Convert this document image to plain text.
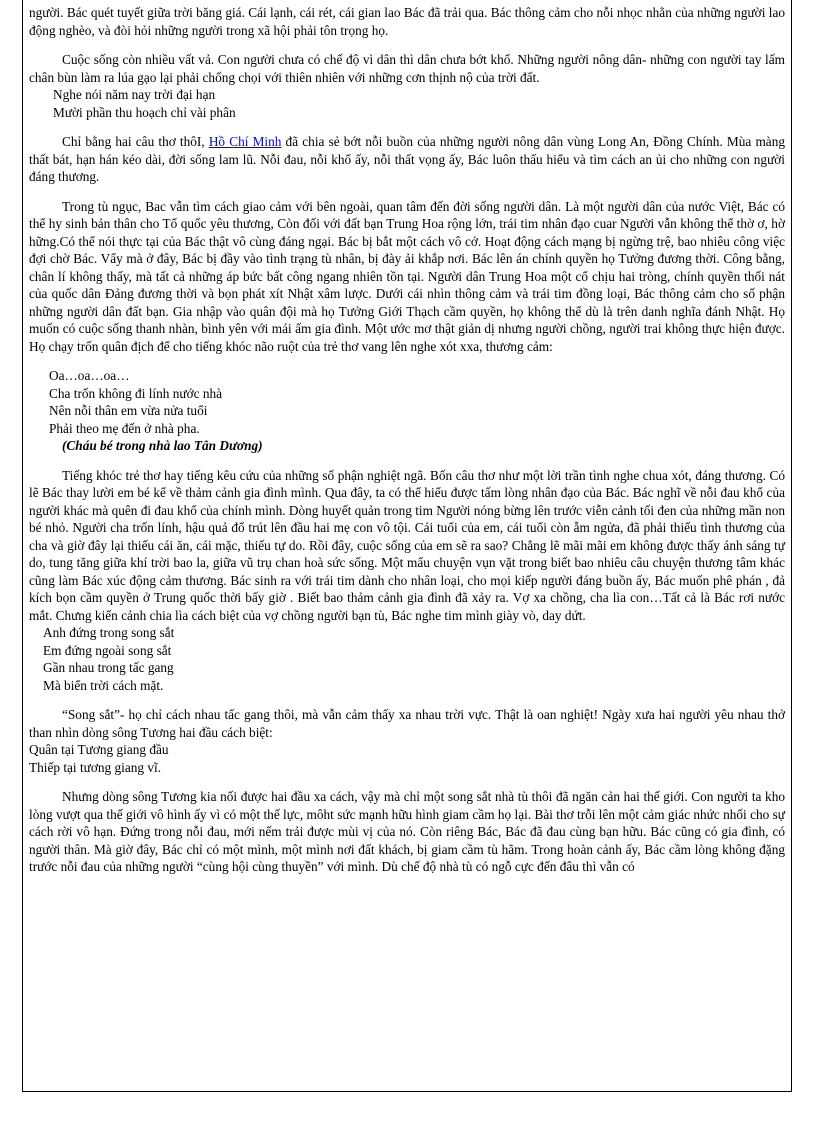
người. Bác quét tuyết giữa trời băng giá. Cái lạnh, cái rét, cái gian lao Bác đã trải qua. Bác thông cảm cho nỗi nhọc nhằn của những người lao động nghèo, và đòi hỏi những người trong xã hội phải tôn trọng họ.

Cuộc sống còn nhiều vất vả. Con người chưa có chế độ vì dân thì dân chưa bớt khổ. Những người nông dân- những con người tay lấm chân bùn làm ra lúa gạo lại phải chống chọi với thiên nhiên với những cơn thịnh nộ của trời đất.

Nghe nói năm nay trời đại hạn

Mười phần thu hoạch chỉ vài phân

Chỉ bằng hai câu thơ thôI, Hồ Chí Minh đã chia sẻ bớt nỗi buồn của những người nông dân vùng Long An, Đồng Chính. Mùa màng thất bát, hạn hán kéo dài, đời sống lam lũ. Nỗi đau, nỗi khổ ấy, nỗi thất vọng ấy, Bác luôn thấu hiểu và tìm cách an ủi cho những con người đáng thương.

Trong tù ngục, Bac vẫn tìm cách giao cảm với bên ngoài, quan tâm đến đời sống người dân. Là một người dân của nước Việt, Bác có thể hy sinh bản thân cho Tổ quốc yêu thương, Còn đối với đất bạn Trung Hoa rộng lớn, trái tim nhân đạo cuar Người vẫn không thể thờ ơ, hờ hững.Có thể nói thực tại của Bác thật vô cùng đáng ngại. Bác bị bắt một cách vô cớ. Hoạt động cách mạng bị ngừng trệ, bao nhiêu công việc đợi chờ Bác. Vẩy mà ở đây, Bác bị đầy vào tình trạng tù nhân, bị đày ải khắp nơi. Bác lên án chính quyền họ Tưởng đương thời. Công bằng, chân lí không thấy, mà tất cả những áp bức bất công ngang nhiên tồn tại. Người dân Trung Hoa một cổ chịu hai tròng, chính quyền thối nát của quốc dân Đảng đương thời và bọn phát xít Nhật xâm lược. Dưới cái nhìn thông cảm và trái tim đồng loại, Bác thông cảm cho số phận những người dân đất bạn. Gia nhập vào quân đội mà họ Tưởng Giới Thạch cầm quyền, họ không thể dù là trên danh nghĩa đánh Nhật. Họ muốn có cuộc sống thanh nhàn, bình yên với mái ấm gia đình. Một ước mơ thật giản dị nhưng người chồng, người trai không thực hiện được. Họ chạy trốn quân địch để cho tiếng khóc não ruột của trẻ thơ vang lên nghe xót xxa, thương cảm:

Oa…oa…oa…

Cha trốn không đi lính nước nhà

Nên nỗi thân em vừa nửa tuổi

Phải theo mẹ đến ở nhà pha.

(Cháu bé trong nhà lao Tân Dương)

Tiếng khóc trẻ thơ hay tiếng kêu cứu của những số phận nghiệt ngã. Bốn câu thơ như một lời trần tình nghe chua xót, đáng thương. Có lẽ Bác thay lười em bé kể về thảm cảnh gia đình mình. Qua đây, ta có thể hiểu được tấm lòng nhân đạo của Bác. Bác nghĩ về nỗi đau khổ của người khác mà quên đi đau khổ của chính mình. Dòng huyết quản trong tim Người nóng bừng lên trước viễn cảnh tối đen của những mần non bé nhỏ. Người cha trốn lính, hậu quả đổ trút lên đầu hai mẹ con vô tội. Cái tuổi của em, cái tuổi còn ẵm ngửa, đã phải thiếu tình thương của cha và giờ đây lại thiếu cái ăn, cái mặc, thiếu tự do. Rồi đây, cuộc sống của em sẽ ra sao? Chẳng lẽ mãi mãi em không được thấy ánh sáng tự do, tung tăng giữa khí trời bao la, giữa vũ trụ chan hoà sức sống. Một mẩu chuyện vụn vặt trong biết bao nhiêu câu chuyện thương tâm khác cũng làm Bác xúc động cảm thương. Bác sinh ra với trái tim dành cho nhân loại, cho mọi kiếp người đáng buồn ấy, Bác muốn phê phán , đả kích bọn cầm quyền ở Trung quốc thời bấy giờ . Biết bao thảm cảnh gia đình đã xảy ra. Vợ xa chồng, cha lìa con…Tất cả là Bác rơi nước mắt. Chưng kiến cảnh chia lìa cách biệt của vợ chồng người bạn tù, Bác nghe tim mình giày vò, day dứt.

Anh đứng trong song sắt

Em đứng ngoài song sắt

Gần nhau trong tấc gang

Mà biển trời cách mặt.

“Song sắt”- họ chỉ cách nhau tấc gang thôi, mà vẫn cảm thấy xa nhau trời vực. Thật là oan nghiệt! Ngày xưa hai người yêu nhau thở than nhìn dòng sông Tương hai đầu cách biệt:

Quân tại Tương giang đầu

Thiếp tại tương giang vĩ.

Nhưng dòng sông Tương kia nối được hai đầu xa cách, vậy mà chỉ một song sắt nhà tù thôi đã ngăn cản hai thế giới. Con người ta kho lòng vượt qua thế giới vô hình ấy vì có một thế lực, môht sức mạnh hữu hình giam cầm họ lại. Bài thơ trỗi lên một cảm giác nhức nhối cho sự cách rời vô hạn. Đứng trong nỗi đau, mới nếm trải được mùi vị của nó. Còn riêng Bác, Bác đã đau cùng bạn hữu. Bác cũng có gia đình, có người thân. Mà giờ đây, Bác chỉ có một mình, một mình nơi đất khách, bị giam cầm tù hãm. Trong hoàn cảnh ấy, Bác cầm lòng không đặng trước nỗi đau của những người “cùng hội cùng thuyền” với mình. Dù chế độ nhà tù có ngỗ cực đến đâu thì vẫn có
